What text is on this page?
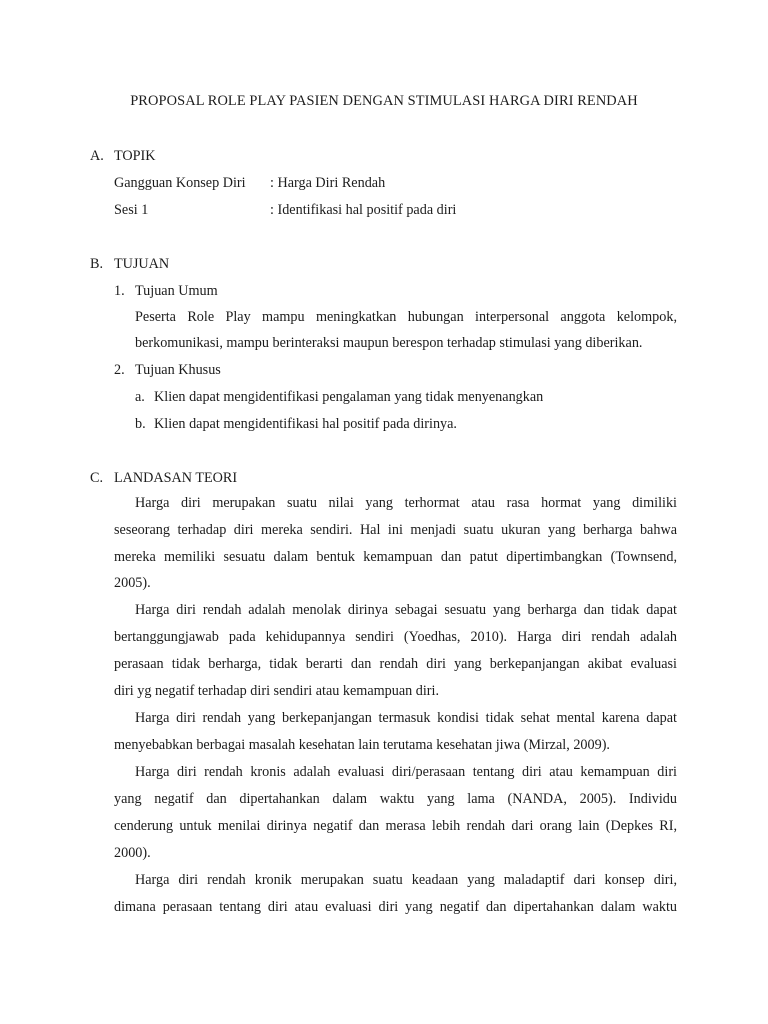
PROPOSAL ROLE PLAY PASIEN DENGAN STIMULASI HARGA DIRI RENDAH
A. TOPIK
Gangguan Konsep Diri : Harga Diri Rendah
Sesi 1	: Identifikasi hal positif pada diri
B. TUJUAN
1. Tujuan Umum
Peserta Role Play mampu meningkatkan hubungan interpersonal anggota kelompok,
berkomunikasi, mampu berinteraksi maupun berespon terhadap stimulasi yang diberikan.
2. Tujuan Khusus
a. Klien dapat mengidentifikasi pengalaman yang tidak menyenangkan
b. Klien dapat mengidentifikasi hal positif pada dirinya.
C. LANDASAN TEORI
Harga diri merupakan suatu nilai yang terhormat atau rasa hormat yang dimiliki
seseorang terhadap diri mereka sendiri. Hal ini menjadi suatu ukuran yang berharga bahwa
mereka memiliki sesuatu dalam bentuk kemampuan dan patut dipertimbangkan (Townsend,
2005).
Harga diri rendah adalah menolak dirinya sebagai sesuatu yang berharga dan tidak dapat
bertanggungjawab pada kehidupannya sendiri (Yoedhas, 2010). Harga diri rendah adalah
perasaan tidak berharga, tidak berarti dan rendah diri yang berkepanjangan akibat evaluasi
diri yg negatif terhadap diri sendiri atau kemampuan diri.
Harga diri rendah yang berkepanjangan termasuk kondisi tidak sehat mental karena dapat
menyebabkan berbagai masalah kesehatan lain terutama kesehatan jiwa (Mirzal, 2009).
Harga diri rendah kronis adalah evaluasi diri/perasaan tentang diri atau kemampuan diri
yang negatif dan dipertahankan dalam waktu yang lama (NANDA, 2005). Individu
cenderung untuk menilai dirinya negatif dan merasa lebih rendah dari orang lain (Depkes RI,
2000).
Harga diri rendah kronik merupakan suatu keadaan yang maladaptif dari konsep diri,
dimana perasaan tentang diri atau evaluasi diri yang negatif dan dipertahankan dalam waktu
